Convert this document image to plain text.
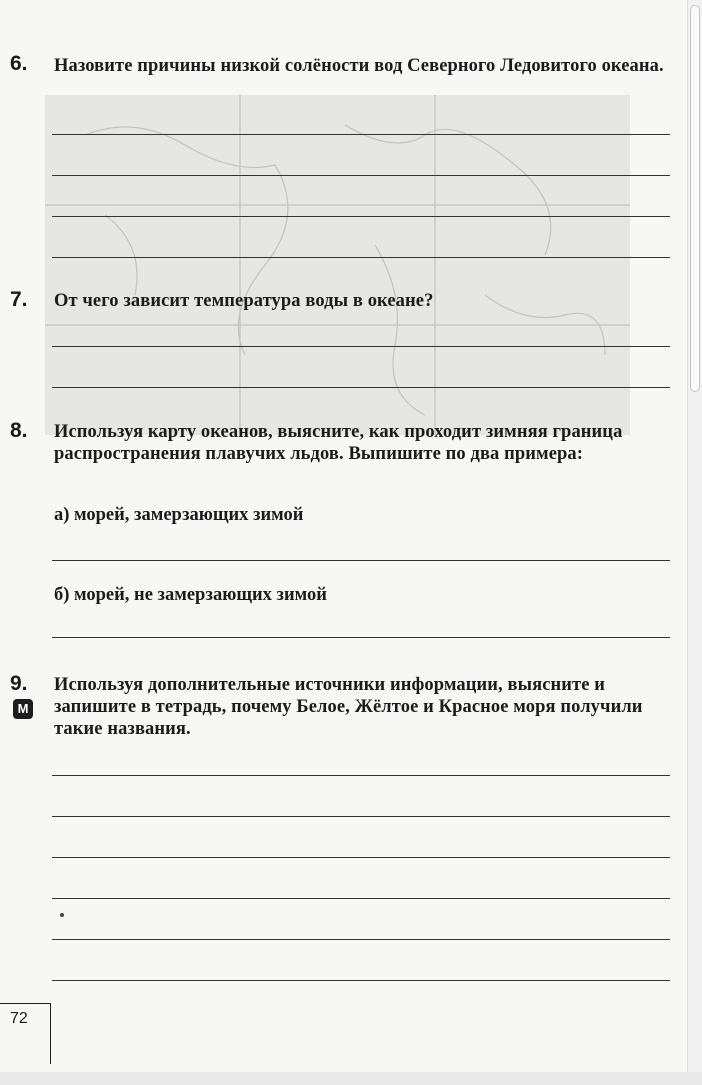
6. Назовите причины низкой солёности вод Северного Ледовитого океана.
7. От чего зависит температура воды в океане?
8. Используя карту океанов, выясните, как проходит зимняя граница распространения плавучих льдов. Выпишите по два примера:
а) морей, замерзающих зимой
б) морей, не замерзающих зимой
9.
М
Используя дополнительные источники информации, выясните и запишите в тетрадь, почему Белое, Жёлтое и Красное моря получили такие названия.
72
